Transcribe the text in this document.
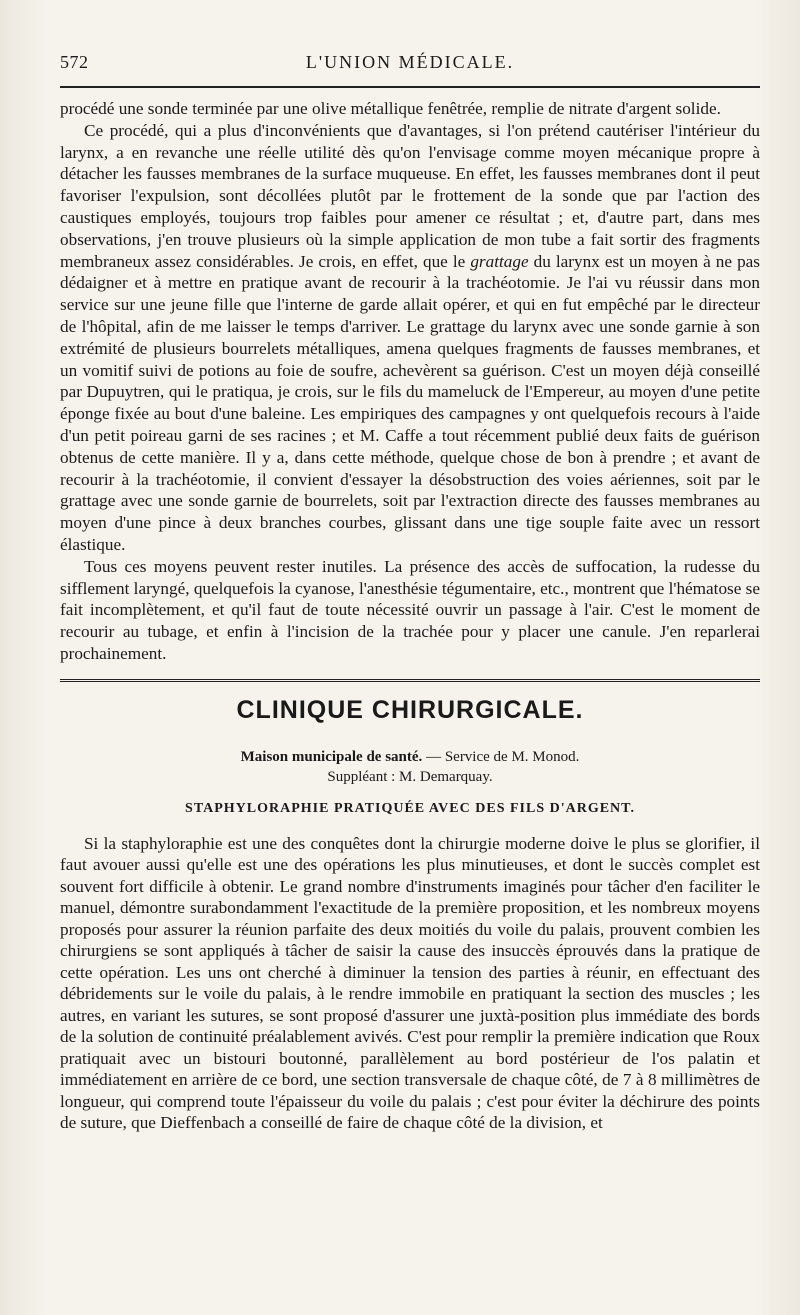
572	L'UNION MÉDICALE.

procédé une sonde terminée par une olive métallique fenêtrée, remplie de nitrate d'argent solide.

Ce procédé, qui a plus d'inconvénients que d'avantages, si l'on prétend cautériser l'intérieur du larynx, a en revanche une réelle utilité dès qu'on l'envisage comme moyen mécanique propre à détacher les fausses membranes de la surface muqueuse. En effet, les fausses membranes dont il peut favoriser l'expulsion, sont décollées plutôt par le frottement de la sonde que par l'action des caustiques employés, toujours trop faibles pour amener ce résultat ; et, d'autre part, dans mes observations, j'en trouve plusieurs où la simple application de mon tube a fait sortir des fragments membraneux assez considérables. Je crois, en effet, que le grattage du larynx est un moyen à ne pas dédaigner et à mettre en pratique avant de recourir à la trachéotomie. Je l'ai vu réussir dans mon service sur une jeune fille que l'interne de garde allait opérer, et qui en fut empêché par le directeur de l'hôpital, afin de me laisser le temps d'arriver. Le grattage du larynx avec une sonde garnie à son extrémité de plusieurs bourrelets métalliques, amena quelques fragments de fausses membranes, et un vomitif suivi de potions au foie de soufre, achevèrent sa guérison. C'est un moyen déjà conseillé par Dupuytren, qui le pratiqua, je crois, sur le fils du mameluck de l'Empereur, au moyen d'une petite éponge fixée au bout d'une baleine. Les empiriques des campagnes y ont quelquefois recours à l'aide d'un petit poireau garni de ses racines ; et M. Caffe a tout récemment publié deux faits de guérison obtenus de cette manière. Il y a, dans cette méthode, quelque chose de bon à prendre ; et avant de recourir à la trachéotomie, il convient d'essayer la désobstruction des voies aériennes, soit par le grattage avec une sonde garnie de bourrelets, soit par l'extraction directe des fausses membranes au moyen d'une pince à deux branches courbes, glissant dans une tige souple faite avec un ressort élastique.

Tous ces moyens peuvent rester inutiles. La présence des accès de suffocation, la rudesse du sifflement laryngé, quelquefois la cyanose, l'anesthésie tégumentaire, etc., montrent que l'hématose se fait incomplètement, et qu'il faut de toute nécessité ouvrir un passage à l'air. C'est le moment de recourir au tubage, et enfin à l'incision de la trachée pour y placer une canule. J'en reparlerai prochainement.

CLINIQUE CHIRURGICALE.

Maison municipale de santé. — Service de M. Monod.

Suppléant : M. Demarquay.

STAPHYLORAPHIE PRATIQUÉE AVEC DES FILS D'ARGENT.

Si la staphyloraphie est une des conquêtes dont la chirurgie moderne doive le plus se glorifier, il faut avouer aussi qu'elle est une des opérations les plus minutieuses, et dont le succès complet est souvent fort difficile à obtenir. Le grand nombre d'instruments imaginés pour tâcher d'en faciliter le manuel, démontre surabondamment l'exactitude de la première proposition, et les nombreux moyens proposés pour assurer la réunion parfaite des deux moitiés du voile du palais, prouvent combien les chirurgiens se sont appliqués à tâcher de saisir la cause des insuccès éprouvés dans la pratique de cette opération. Les uns ont cherché à diminuer la tension des parties à réunir, en effectuant des débridements sur le voile du palais, à le rendre immobile en pratiquant la section des muscles ; les autres, en variant les sutures, se sont proposé d'assurer une juxtà-position plus immédiate des bords de la solution de continuité préalablement avivés. C'est pour remplir la première indication que Roux pratiquait avec un bistouri boutonné, parallèlement au bord postérieur de l'os palatin et immédiatement en arrière de ce bord, une section transversale de chaque côté, de 7 à 8 millimètres de longueur, qui comprend toute l'épaisseur du voile du palais ; c'est pour éviter la déchirure des points de suture, que Dieffenbach a conseillé de faire de chaque côté de la division, et
